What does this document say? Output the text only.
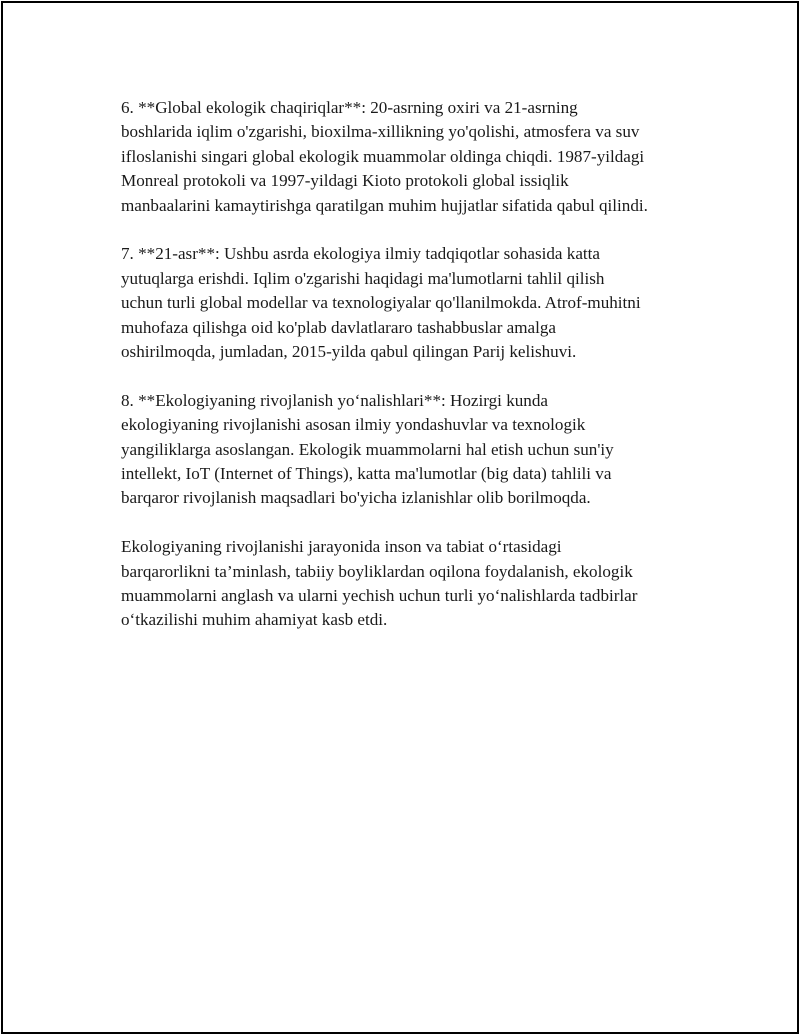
6. **Global ekologik chaqiriqlar**: 20-asrning oxiri va 21-asrning
boshlarida iqlim o'zgarishi, bioxilma-xillikning yo'qolishi, atmosfera va suv
ifloslanishi singari global ekologik muammolar oldinga chiqdi. 1987-yildagi
Monreal protokoli va 1997-yildagi Kioto protokoli global issiqlik
manbaalarini kamaytirishga qaratilgan muhim hujjatlar sifatida qabul qilindi.

7. **21-asr**: Ushbu asrda ekologiya ilmiy tadqiqotlar sohasida katta
yutuqlarga erishdi. Iqlim o'zgarishi haqidagi ma'lumotlarni tahlil qilish
uchun turli global modellar va texnologiyalar qo'llanilmokda. Atrof-muhitni
muhofaza qilishga oid ko'plab davlatlararo tashabbuslar amalga
oshirilmoqda, jumladan, 2015-yilda qabul qilingan Parij kelishuvi.

8. **Ekologiyaning rivojlanish yo‘nalishlari**: Hozirgi kunda
ekologiyaning rivojlanishi asosan ilmiy yondashuvlar va texnologik
yangiliklarga asoslangan. Ekologik muammolarni hal etish uchun sun'iy
intellekt, IoT (Internet of Things), katta ma'lumotlar (big data) tahlili va
barqaror rivojlanish maqsadlari bo'yicha izlanishlar olib borilmoqda.

Ekologiyaning rivojlanishi jarayonida inson va tabiat o‘rtasidagi
barqarorlikni ta’minlash, tabiiy boyliklardan oqilona foydalanish, ekologik
muammolarni anglash va ularni yechish uchun turli yo‘nalishlarda tadbirlar
o‘tkazilishi muhim ahamiyat kasb etdi.
